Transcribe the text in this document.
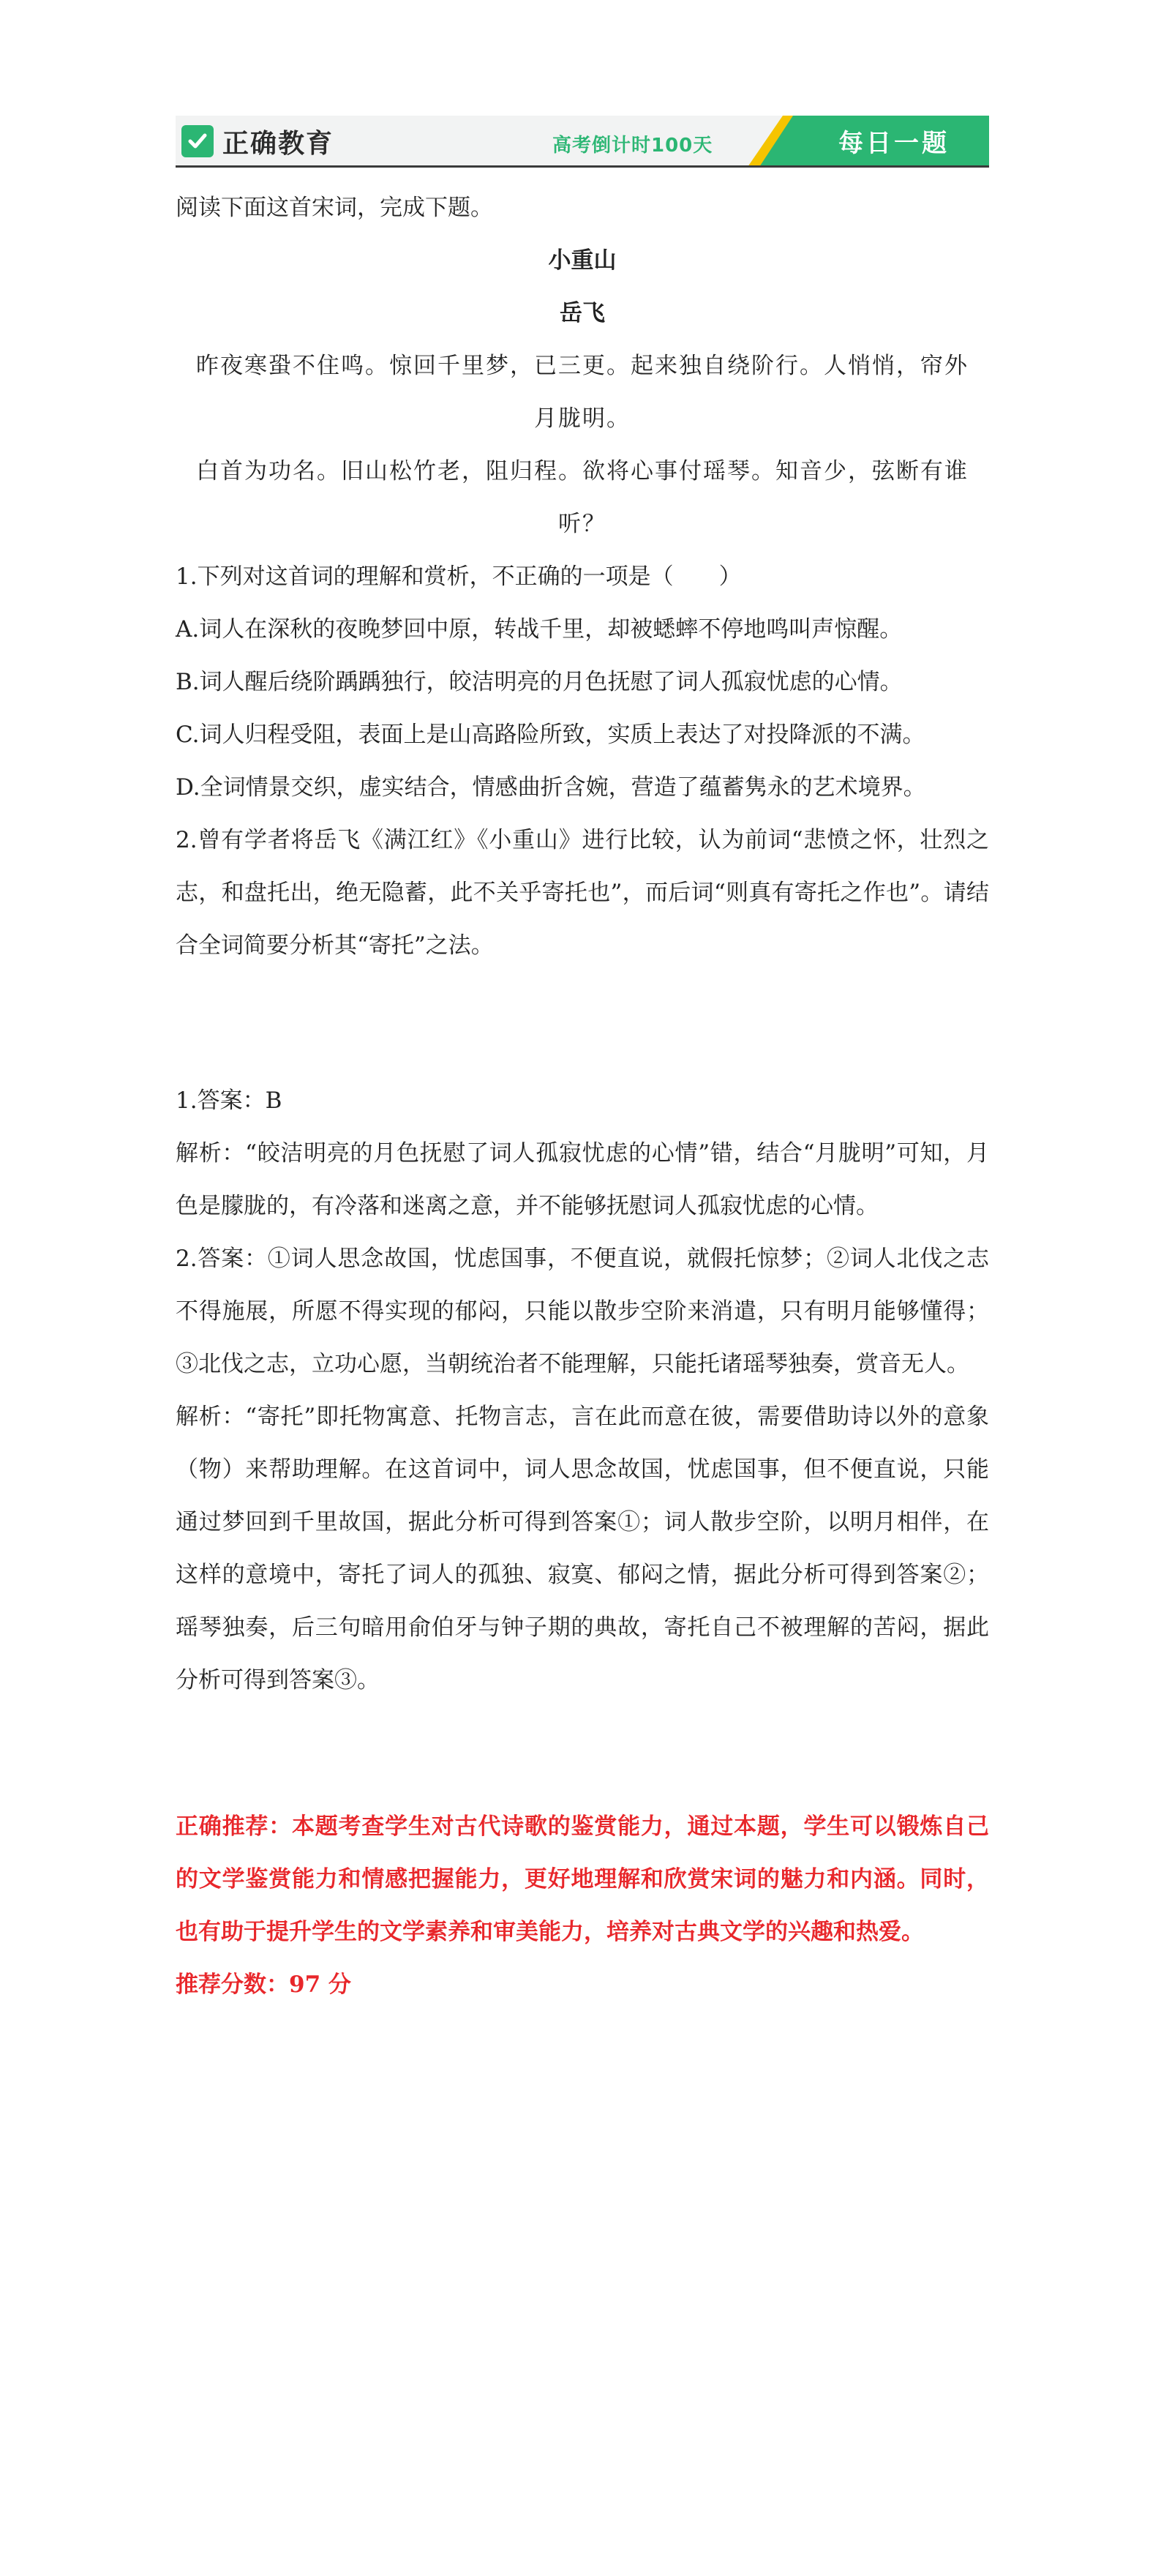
正确教育	高考倒计时100天	每日一题

阅读下面这首宋词，完成下题。

小重山

岳飞

昨夜寒蛩不住鸣。惊回千里梦，已三更。起来独自绕阶行。人悄悄，帘外月胧明。

白首为功名。旧山松竹老，阻归程。欲将心事付瑶琴。知音少，弦断有谁听？

1.下列对这首词的理解和赏析，不正确的一项是（　　）

A.词人在深秋的夜晚梦回中原，转战千里，却被蟋蟀不停地鸣叫声惊醒。

B.词人醒后绕阶踽踽独行，皎洁明亮的月色抚慰了词人孤寂忧虑的心情。

C.词人归程受阻，表面上是山高路险所致，实质上表达了对投降派的不满。

D.全词情景交织，虚实结合，情感曲折含婉，营造了蕴蓄隽永的艺术境界。

2.曾有学者将岳飞《满江红》《小重山》进行比较，认为前词“悲愤之怀，壮烈之志，和盘托出，绝无隐蓄，此不关乎寄托也”，而后词“则真有寄托之作也”。请结合全词简要分析其“寄托”之法。

1.答案：B

解析：“皎洁明亮的月色抚慰了词人孤寂忧虑的心情”错，结合“月胧明”可知，月色是朦胧的，有冷落和迷离之意，并不能够抚慰词人孤寂忧虑的心情。

2.答案：①词人思念故国，忧虑国事，不便直说，就假托惊梦；②词人北伐之志不得施展，所愿不得实现的郁闷，只能以散步空阶来消遣，只有明月能够懂得；③北伐之志，立功心愿，当朝统治者不能理解，只能托诸瑶琴独奏，赏音无人。

解析：“寄托”即托物寓意、托物言志，言在此而意在彼，需要借助诗以外的意象（物）来帮助理解。在这首词中，词人思念故国，忧虑国事，但不便直说，只能通过梦回到千里故国，据此分析可得到答案①；词人散步空阶，以明月相伴，在这样的意境中，寄托了词人的孤独、寂寞、郁闷之情，据此分析可得到答案②；瑶琴独奏，后三句暗用俞伯牙与钟子期的典故，寄托自己不被理解的苦闷，据此分析可得到答案③。

正确推荐：本题考查学生对古代诗歌的鉴赏能力，通过本题，学生可以锻炼自己的文学鉴赏能力和情感把握能力，更好地理解和欣赏宋词的魅力和内涵。同时，也有助于提升学生的文学素养和审美能力，培养对古典文学的兴趣和热爱。

推荐分数：97 分
